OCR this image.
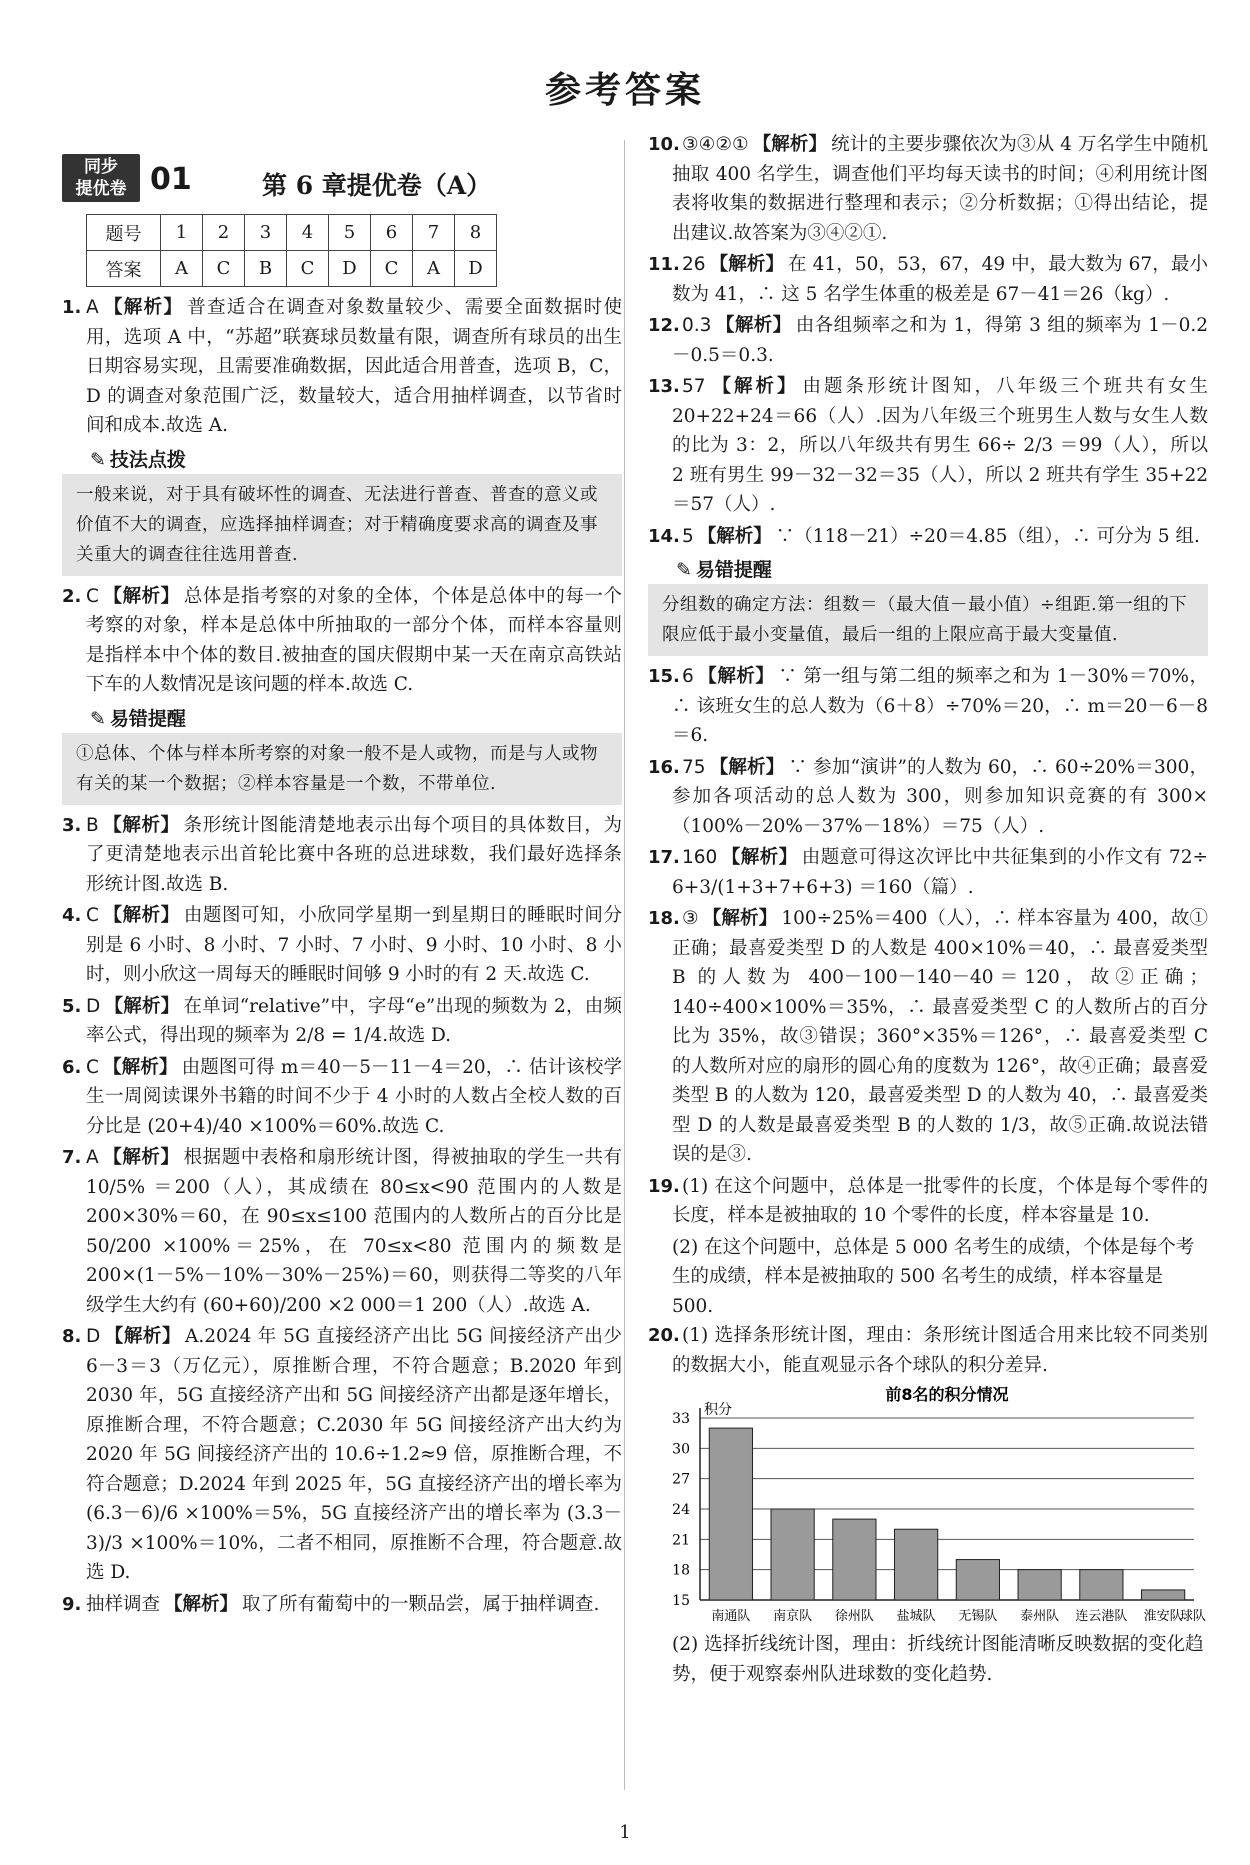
参考答案
同步
提优卷 01	第 6 章提优卷（A）
题号	1	2	3	4	5	6	7	8
答案	A	C	B	C	D	C	A	D
1. A 【解析】 普查适合在调查对象数量较少、需要全面数据时使用，选项 A 中，“苏超”联赛球员数量有限，调查所有球员的出生日期容易实现，且需要准确数据，因此适合用普查，选项 B，C，D 的调查对象范围广泛，数量较大，适合用抽样调查，以节省时间和成本.故选 A.
✎ 技法点拨
一般来说，对于具有破坏性的调查、无法进行普查、普查的意义或价值不大的调查，应选择抽样调查；对于精确度要求高的调查及事关重大的调查往往选用普查.
2. C 【解析】 总体是指考察的对象的全体，个体是总体中的每一个考察的对象，样本是总体中所抽取的一部分个体，而样本容量则是指样本中个体的数目.被抽查的国庆假期中某一天在南京高铁站下车的人数情况是该问题的样本.故选 C.
✎ 易错提醒
①总体、个体与样本所考察的对象一般不是人或物，而是与人或物有关的某一个数据；②样本容量是一个数，不带单位.
3. B 【解析】 条形统计图能清楚地表示出每个项目的具体数目，为了更清楚地表示出首轮比赛中各班的总进球数，我们最好选择条形统计图.故选 B.
4. C 【解析】 由题图可知，小欣同学星期一到星期日的睡眠时间分别是 6 小时、8 小时、7 小时、7 小时、9 小时、10 小时、8 小时，则小欣这一周每天的睡眠时间够 9 小时的有 2 天.故选 C.
5. D 【解析】 在单词“relative”中，字母“e”出现的频数为 2，由频率公式，得出现的频率为 2/8 = 1/4.故选 D.
6. C 【解析】 由题图可得 m＝40－5－11－4＝20，∴ 估计该校学生一周阅读课外书籍的时间不少于 4 小时的人数占全校人数的百分比是 (20+4)/40 ×100%＝60%.故选 C.
7. A 【解析】 根据题中表格和扇形统计图，得被抽取的学生一共有 10/5% ＝200（人），其成绩在 80≤x<90 范围内的人数是 200×30%＝60，在 90≤x≤100 范围内的人数所占的百分比是 50/200 ×100%＝25%，在 70≤x<80 范围内的频数是 200×(1－5%－10%－30%－25%)＝60，则获得二等奖的八年级学生大约有 (60+60)/200 ×2 000＝1 200（人）.故选 A.
8. D 【解析】 A.2024 年 5G 直接经济产出比 5G 间接经济产出少 6－3＝3（万亿元），原推断合理，不符合题意；B.2020 年到 2030 年，5G 直接经济产出和 5G 间接经济产出都是逐年增长，原推断合理，不符合题意；C.2030 年 5G 间接经济产出大约为 2020 年 5G 间接经济产出的 10.6÷1.2≈9 倍，原推断合理，不符合题意；D.2024 年到 2025 年，5G 直接经济产出的增长率为 (6.3－6)/6 ×100%＝5%，5G 直接经济产出的增长率为 (3.3－3)/3 ×100%＝10%，二者不相同，原推断不合理，符合题意.故选 D.
9. 抽样调查 【解析】 取了所有葡萄中的一颗品尝，属于抽样调查.
10. ③④②① 【解析】 统计的主要步骤依次为③从 4 万名学生中随机抽取 400 名学生，调查他们平均每天读书的时间；④利用统计图表将收集的数据进行整理和表示；②分析数据；①得出结论，提出建议.故答案为③④②①.
11. 26 【解析】 在 41，50，53，67，49 中，最大数为 67，最小数为 41，∴ 这 5 名学生体重的极差是 67－41＝26（kg）.
12. 0.3 【解析】 由各组频率之和为 1，得第 3 组的频率为 1－0.2－0.5＝0.3.
13. 57 【解析】 由题条形统计图知，八年级三个班共有女生 20+22+24＝66（人）.因为八年级三个班男生人数与女生人数的比为 3：2，所以八年级共有男生 66÷ 2/3 ＝99（人），所以 2 班有男生 99－32－32＝35（人），所以 2 班共有学生 35+22＝57（人）.
14. 5 【解析】 ∵（118－21）÷20＝4.85（组），∴ 可分为 5 组.
✎ 易错提醒
分组数的确定方法：组数＝（最大值－最小值）÷组距.第一组的下限应低于最小变量值，最后一组的上限应高于最大变量值.
15. 6 【解析】 ∵ 第一组与第二组的频率之和为 1－30%＝70%，∴ 该班女生的总人数为（6＋8）÷70%＝20，∴ m＝20－6－8＝6.
16. 75 【解析】 ∵ 参加“演讲”的人数为 60，∴ 60÷20%＝300，参加各项活动的总人数为 300，则参加知识竞赛的有 300×（100%－20%－37%－18%）＝75（人）.
17. 160 【解析】 由题意可得这次评比中共征集到的小作文有 72÷ 6+3/(1+3+7+6+3) ＝160（篇）.
18. ③ 【解析】 100÷25%＝400（人），∴ 样本容量为 400，故①正确；最喜爱类型 D 的人数是 400×10%＝40，∴ 最喜爱类型 B 的人数为 400－100－140－40＝120，故②正确；140÷400×100%＝35%，∴ 最喜爱类型 C 的人数所占的百分比为 35%，故③错误；360°×35%＝126°，∴ 最喜爱类型 C 的人数所对应的扇形的圆心角的度数为 126°，故④正确；最喜爱类型 B 的人数为 120，最喜爱类型 D 的人数为 40，∴ 最喜爱类型 D 的人数是最喜爱类型 B 的人数的 1/3，故⑤正确.故说法错误的是③.
19. (1) 在这个问题中，总体是一批零件的长度，个体是每个零件的长度，样本是被抽取的 10 个零件的长度，样本容量是 10.
(2) 在这个问题中，总体是 5 000 名考生的成绩，个体是每个考生的成绩，样本是被抽取的 500 名考生的成绩，样本容量是 500.
20. (1) 选择条形统计图，理由：条形统计图适合用来比较不同类别的数据大小，能直观显示各个球队的积分差异.
前8名的积分情况
积分
15
18
21
24
27
30
33
南通队 南京队 徐州队 盐城队 无锡队 泰州队 连云港队 淮安队
球队
(2) 选择折线统计图，理由：折线统计图能清晰反映数据的变化趋势，便于观察泰州队进球数的变化趋势.
1
